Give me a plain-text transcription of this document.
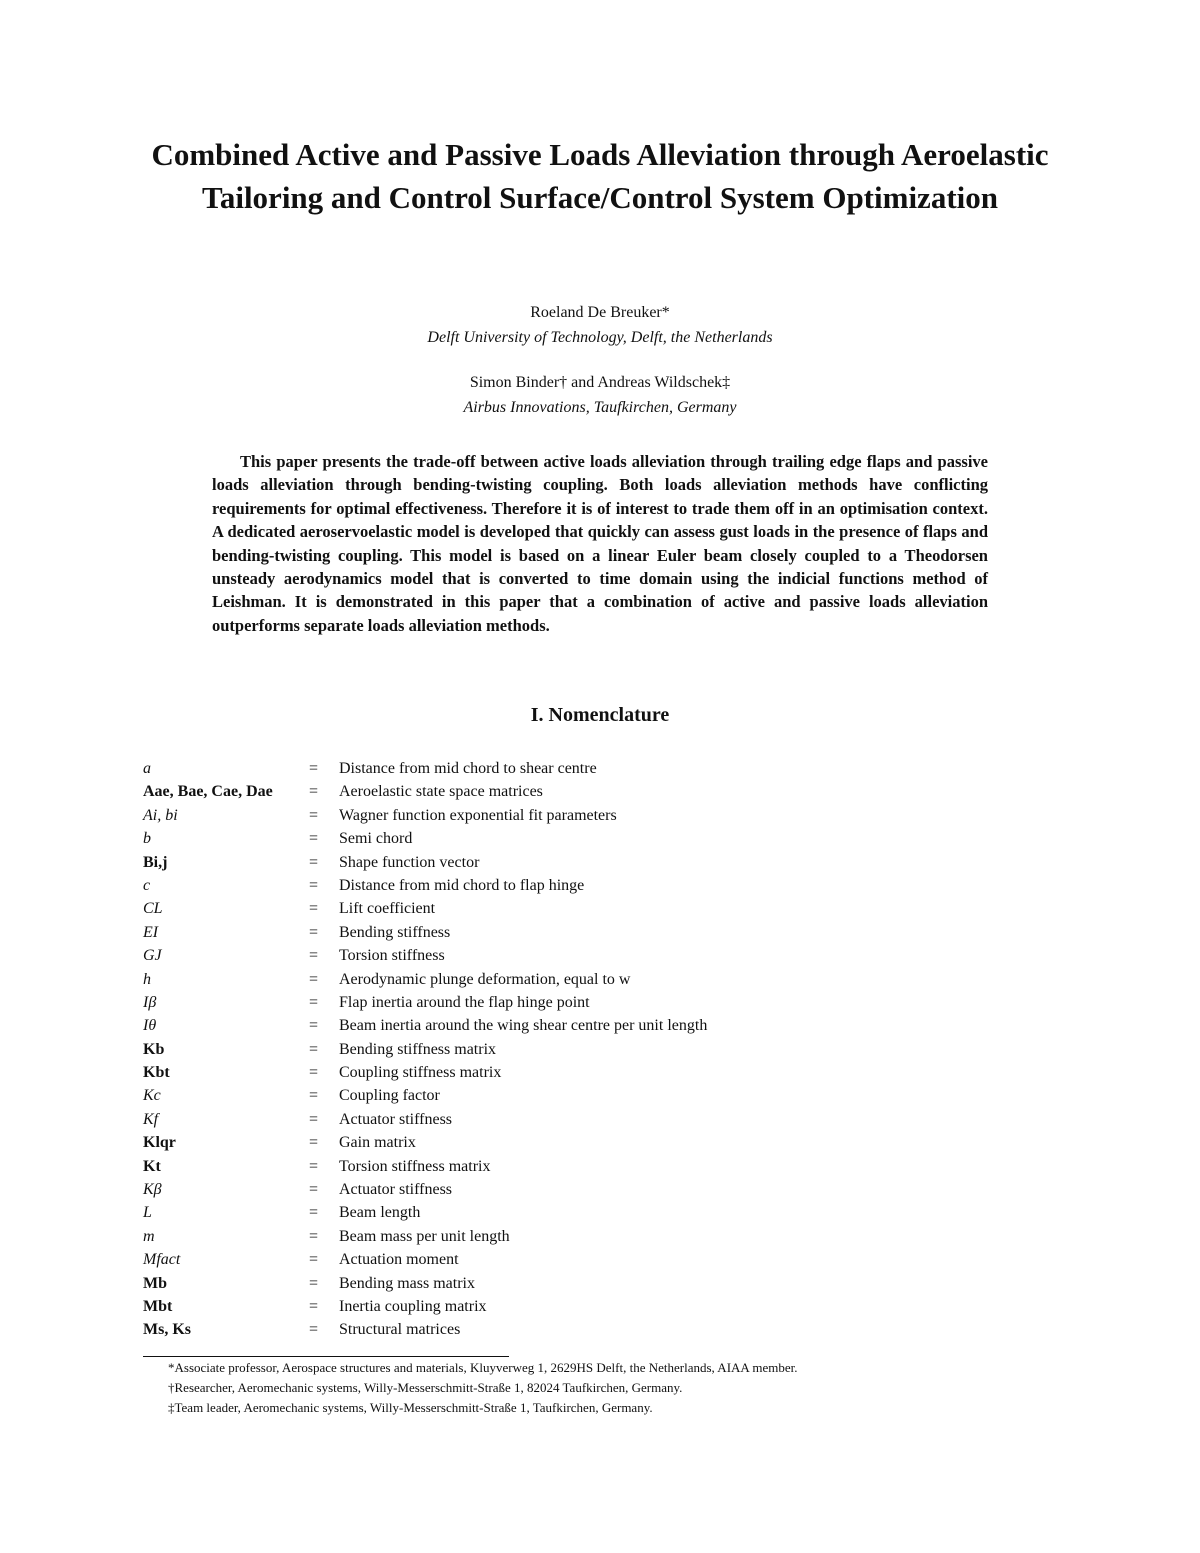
Combined Active and Passive Loads Alleviation through Aeroelastic Tailoring and Control Surface/Control System Optimization
Roeland De Breuker*
Delft University of Technology, Delft, the Netherlands
Simon Binder† and Andreas Wildschek‡
Airbus Innovations, Taufkirchen, Germany
This paper presents the trade-off between active loads alleviation through trailing edge flaps and passive loads alleviation through bending-twisting coupling. Both loads alleviation methods have conflicting requirements for optimal effectiveness. Therefore it is of interest to trade them off in an optimisation context. A dedicated aeroservoelastic model is developed that quickly can assess gust loads in the presence of flaps and bending-twisting coupling. This model is based on a linear Euler beam closely coupled to a Theodorsen unsteady aerodynamics model that is converted to time domain using the indicial functions method of Leishman. It is demonstrated in this paper that a combination of active and passive loads alleviation outperforms separate loads alleviation methods.
I. Nomenclature
a	= Distance from mid chord to shear centre
Aae, Bae, Cae, Dae = Aeroelastic state space matrices
Ai, bi	= Wagner function exponential fit parameters
b	= Semi chord
Bi,j	= Shape function vector
c	= Distance from mid chord to flap hinge
CL	= Lift coefficient
EI	= Bending stiffness
GJ	= Torsion stiffness
h	= Aerodynamic plunge deformation, equal to w
Iβ	= Flap inertia around the flap hinge point
Iθ	= Beam inertia around the wing shear centre per unit length
Kb	= Bending stiffness matrix
Kbt	= Coupling stiffness matrix
Kc	= Coupling factor
Kf	= Actuator stiffness
Klqr	= Gain matrix
Kt	= Torsion stiffness matrix
Kβ	= Actuator stiffness
L	= Beam length
m	= Beam mass per unit length
Mfact	= Actuation moment
Mb	= Bending mass matrix
Mbt	= Inertia coupling matrix
Ms, Ks	= Structural matrices
*Associate professor, Aerospace structures and materials, Kluyverweg 1, 2629HS Delft, the Netherlands, AIAA member.
†Researcher, Aeromechanic systems, Willy-Messerschmitt-Straße 1, 82024 Taufkirchen, Germany.
‡Team leader, Aeromechanic systems, Willy-Messerschmitt-Straße 1, Taufkirchen, Germany.
